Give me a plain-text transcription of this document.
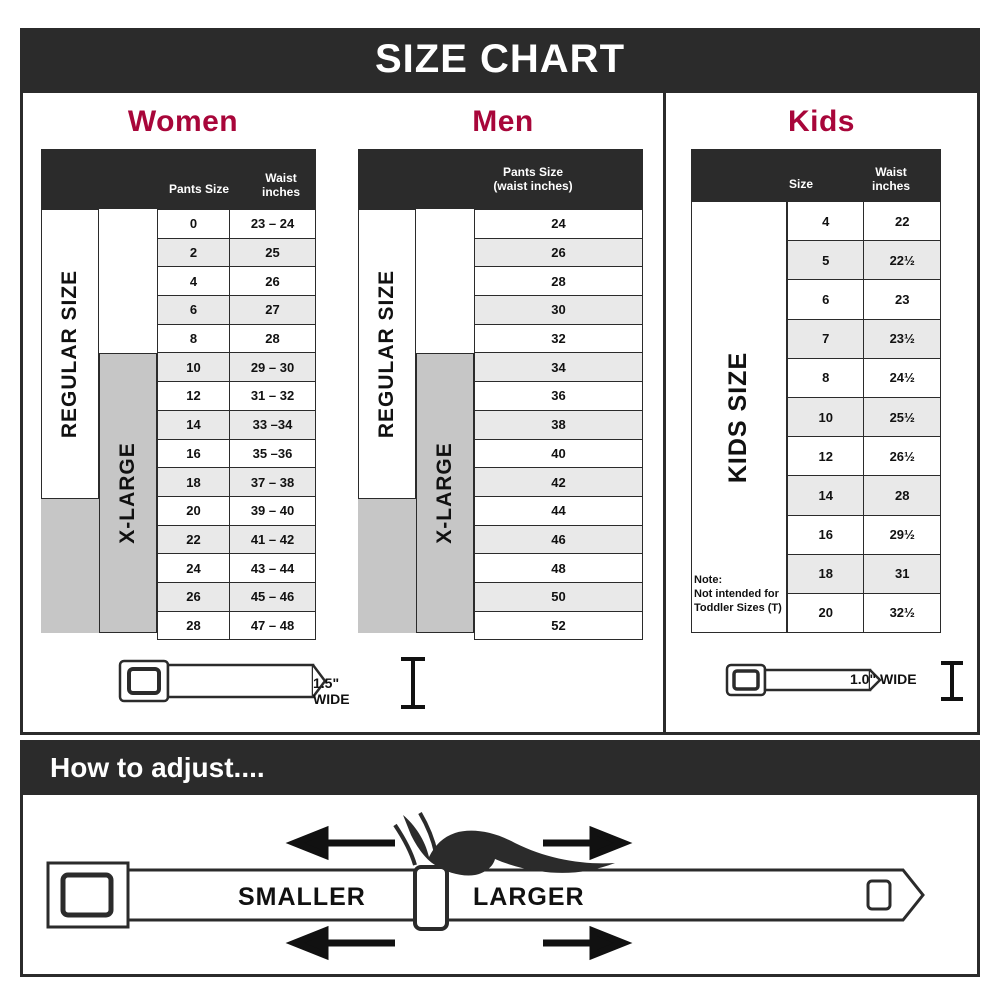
SIZE CHART
Women
Pants Size
Waist
inches
REGULAR SIZE
X-LARGE
0	23 – 24
2	25
4	26
6	27
8	28
10	29 – 30
12	31 – 32
14	33 –34
16	35 –36
18	37 – 38
20	39 – 40
22	41 – 42
24	43 – 44
26	45 – 46
28	47 – 48
1.5" WIDE
Men
Pants Size
(waist inches)
REGULAR SIZE
X-LARGE
24
26
28
30
32
34
36
38
40
42
44
46
48
50
52
Kids
Size
Waist
inches
KIDS SIZE
4	22
5	22½
6	23
7	23½
8	24½
10	25½
12	26½
14	28
16	29½
18	31
20	32½
Note:
Not intended for
Toddler Sizes (T)
1.0" WIDE
How to adjust....
SMALLER	LARGER
